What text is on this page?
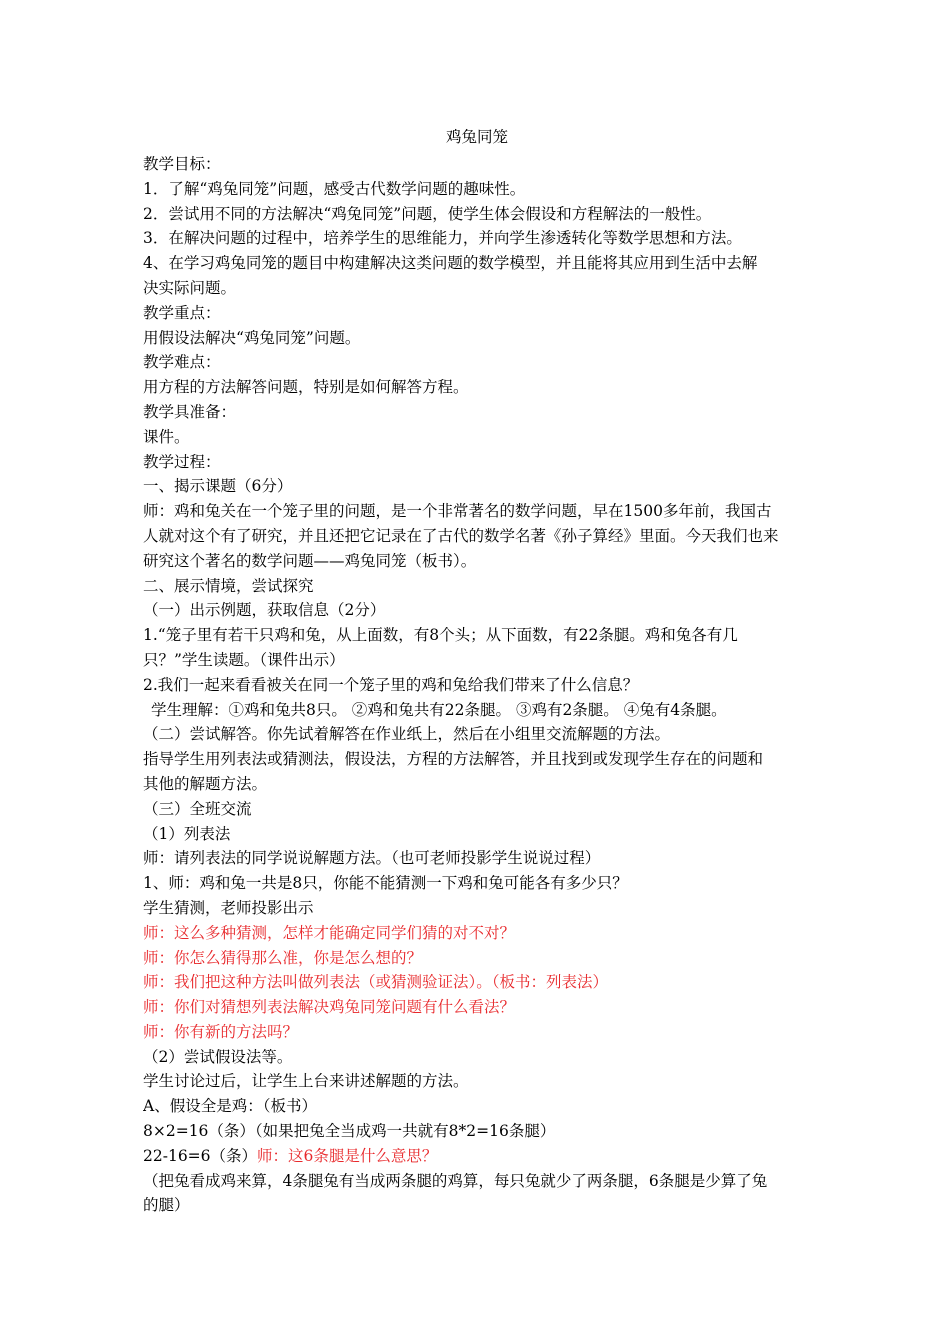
鸡兔同笼
教学目标：
1．了解“鸡兔同笼”问题，感受古代数学问题的趣味性。
2．尝试用不同的方法解决“鸡兔同笼”问题，使学生体会假设和方程解法的一般性。
3．在解决问题的过程中，培养学生的思维能力，并向学生渗透转化等数学思想和方法。
4、在学习鸡兔同笼的题目中构建解决这类问题的数学模型，并且能将其应用到生活中去解
决实际问题。
教学重点：
用假设法解决“鸡兔同笼”问题。
教学难点：
用方程的方法解答问题，特别是如何解答方程。
教学具准备：
课件。
教学过程：
一、揭示课题（6分）
师：鸡和兔关在一个笼子里的问题，是一个非常著名的数学问题，早在1500多年前，我国古
人就对这个有了研究，并且还把它记录在了古代的数学名著《孙子算经》里面。今天我们也来
研究这个著名的数学问题——鸡兔同笼（板书）。
二、展示情境，尝试探究
（一）出示例题，获取信息（2分）
1.“笼子里有若干只鸡和兔，从上面数，有8个头；从下面数，有22条腿。鸡和兔各有几
只？”学生读题。（课件出示）
2.我们一起来看看被关在同一个笼子里的鸡和兔给我们带来了什么信息？
学生理解：①鸡和兔共8只。 ②鸡和兔共有22条腿。 ③鸡有2条腿。 ④兔有4条腿。
（二）尝试解答。你先试着解答在作业纸上，然后在小组里交流解题的方法。
指导学生用列表法或猜测法，假设法，方程的方法解答，并且找到或发现学生存在的问题和
其他的解题方法。
（三）全班交流
（1）列表法
师：请列表法的同学说说解题方法。（也可老师投影学生说说过程）
1、师：鸡和兔一共是8只，你能不能猜测一下鸡和兔可能各有多少只？
学生猜测，老师投影出示
师：这么多种猜测，怎样才能确定同学们猜的对不对？
师：你怎么猜得那么准，你是怎么想的？
师：我们把这种方法叫做列表法（或猜测验证法）。（板书：列表法）
师：你们对猜想列表法解决鸡兔同笼问题有什么看法？
师：你有新的方法吗？
（2）尝试假设法等。
学生讨论过后，让学生上台来讲述解题的方法。
A、假设全是鸡：（板书）
8×2=16（条）（如果把兔全当成鸡一共就有8*2=16条腿）
22-16=6（条）师：这6条腿是什么意思？
（把兔看成鸡来算，4条腿兔有当成两条腿的鸡算，每只兔就少了两条腿，6条腿是少算了兔
的腿）
